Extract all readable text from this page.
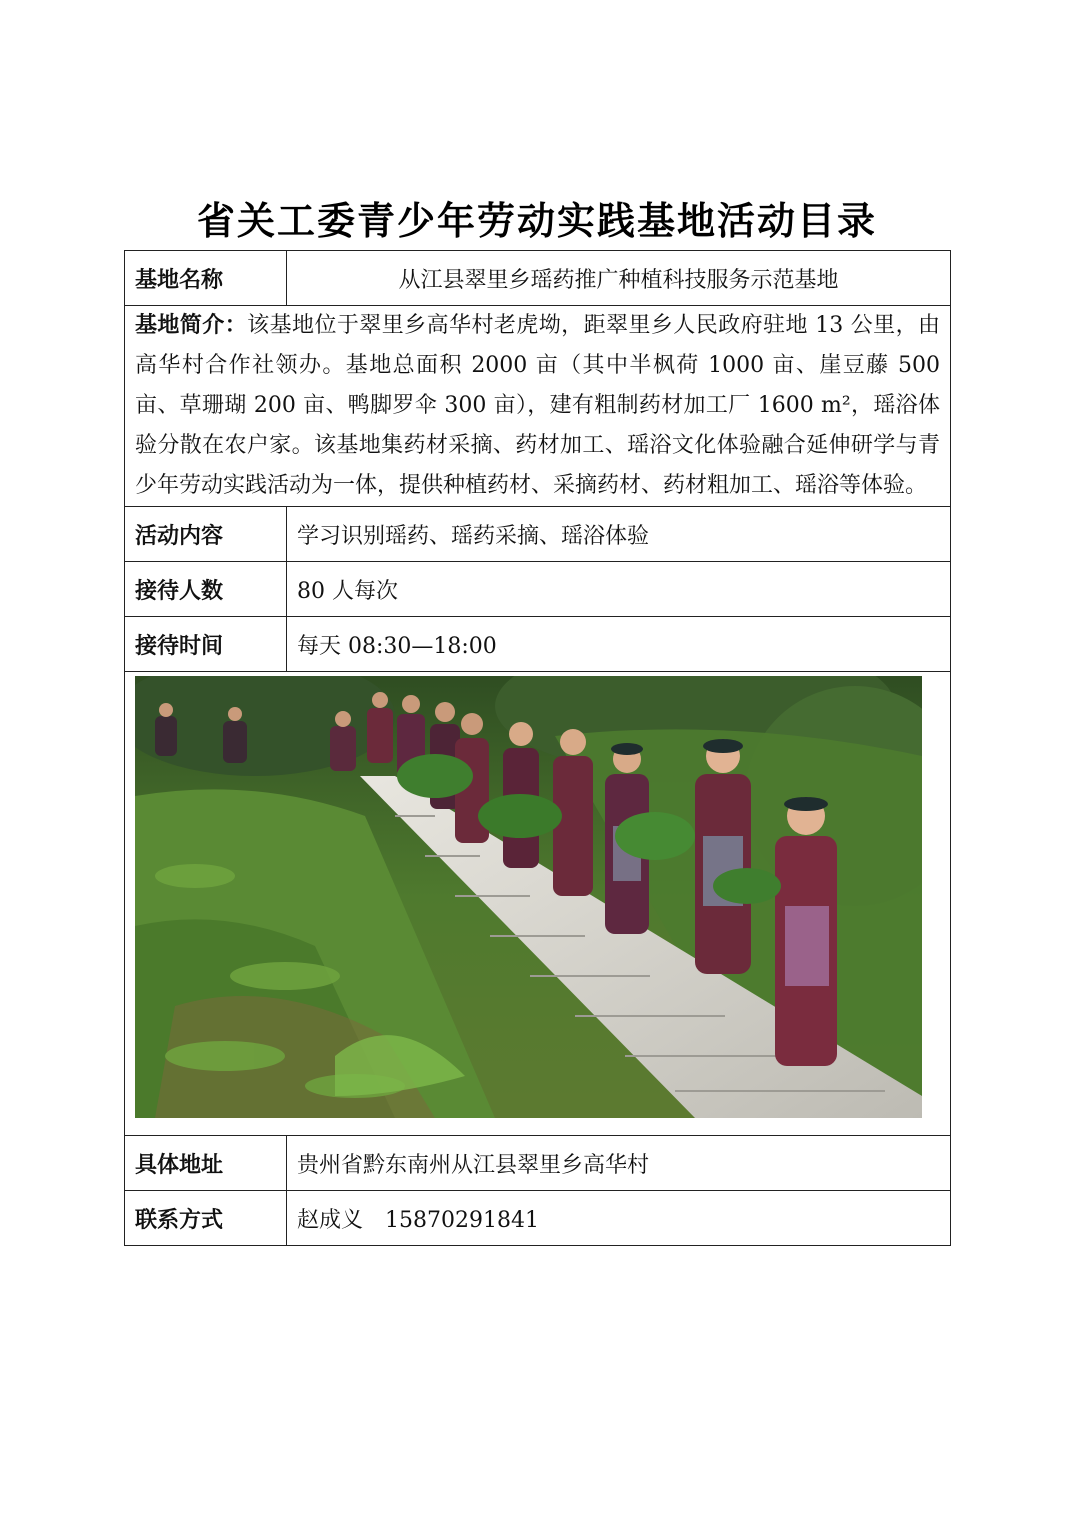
省关工委青少年劳动实践基地活动目录
基地名称	从江县翠里乡瑶药推广种植科技服务示范基地
基地简介：该基地位于翠里乡高华村老虎坳，距翠里乡人民政府驻地 13 公里，由高华村合作社领办。基地总面积 2000 亩（其中半枫荷 1000 亩、崖豆藤 500 亩、草珊瑚 200 亩、鸭脚罗伞 300 亩），建有粗制药材加工厂 1600 m²，瑶浴体验分散在农户家。该基地集药材采摘、药材加工、瑶浴文化体验融合延伸研学与青少年劳动实践活动为一体，提供种植药材、采摘药材、药材粗加工、瑶浴等体验。	
活动内容	学习识别瑶药、瑶药采摘、瑶浴体验
接待人数	80 人每次
接待时间	每天 08:30—18:00

具体地址	贵州省黔东南州从江县翠里乡高华村
联系方式	赵成义　15870291841
